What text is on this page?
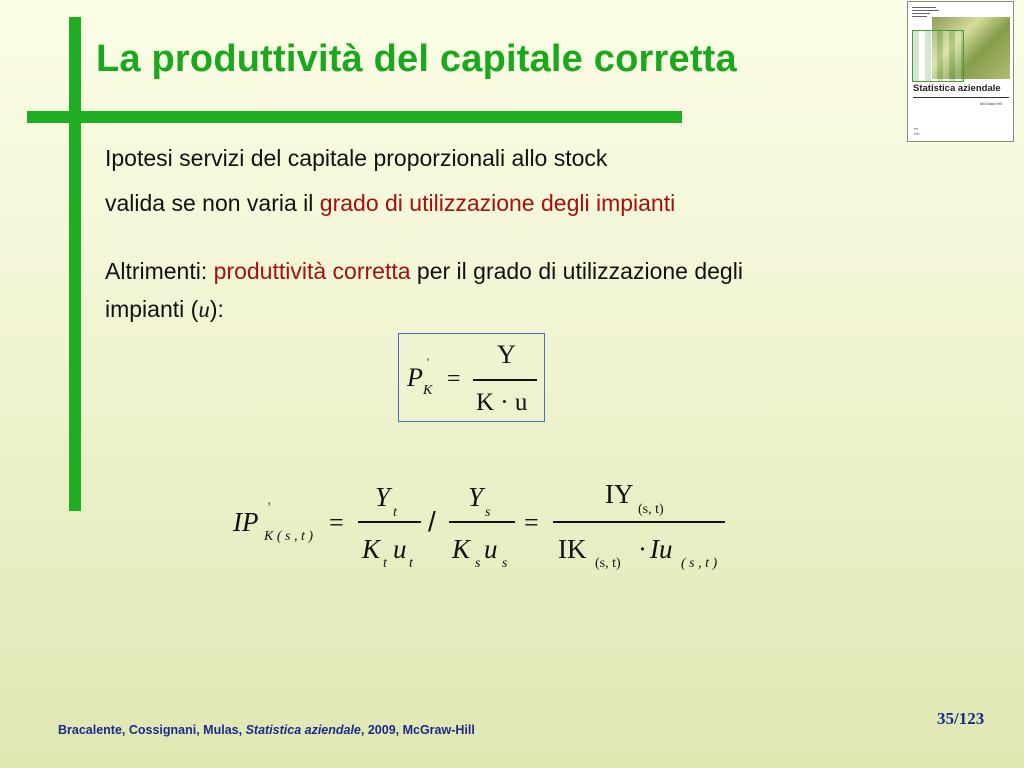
La produttività del capitale corretta
▬▬▬▬▬▬▬▬
▬▬▬▬▬▬▬▬▬
▬▬▬▬▬▬
▬▬▬▬▬
Statistica aziendale
McGraw-Hill
▪▪▪
▪▪▪▪
Ipotesi servizi del capitale proporzionali allo stock
valida se non varia il grado di utilizzazione degli impianti
Altrimenti: produttività corretta per il grado di utilizzazione degli
impianti (u):
P K
'
=
Y
K · u
IP
'
K ( s , t ) =
Y
t
K t u t
/
Y
s
K s u s
=
IY
(s, t)
IK (s, t) · Iu ( s , t )
Bracalente, Cossignani, Mulas, Statistica aziendale, 2009, McGraw-Hill
35/123
